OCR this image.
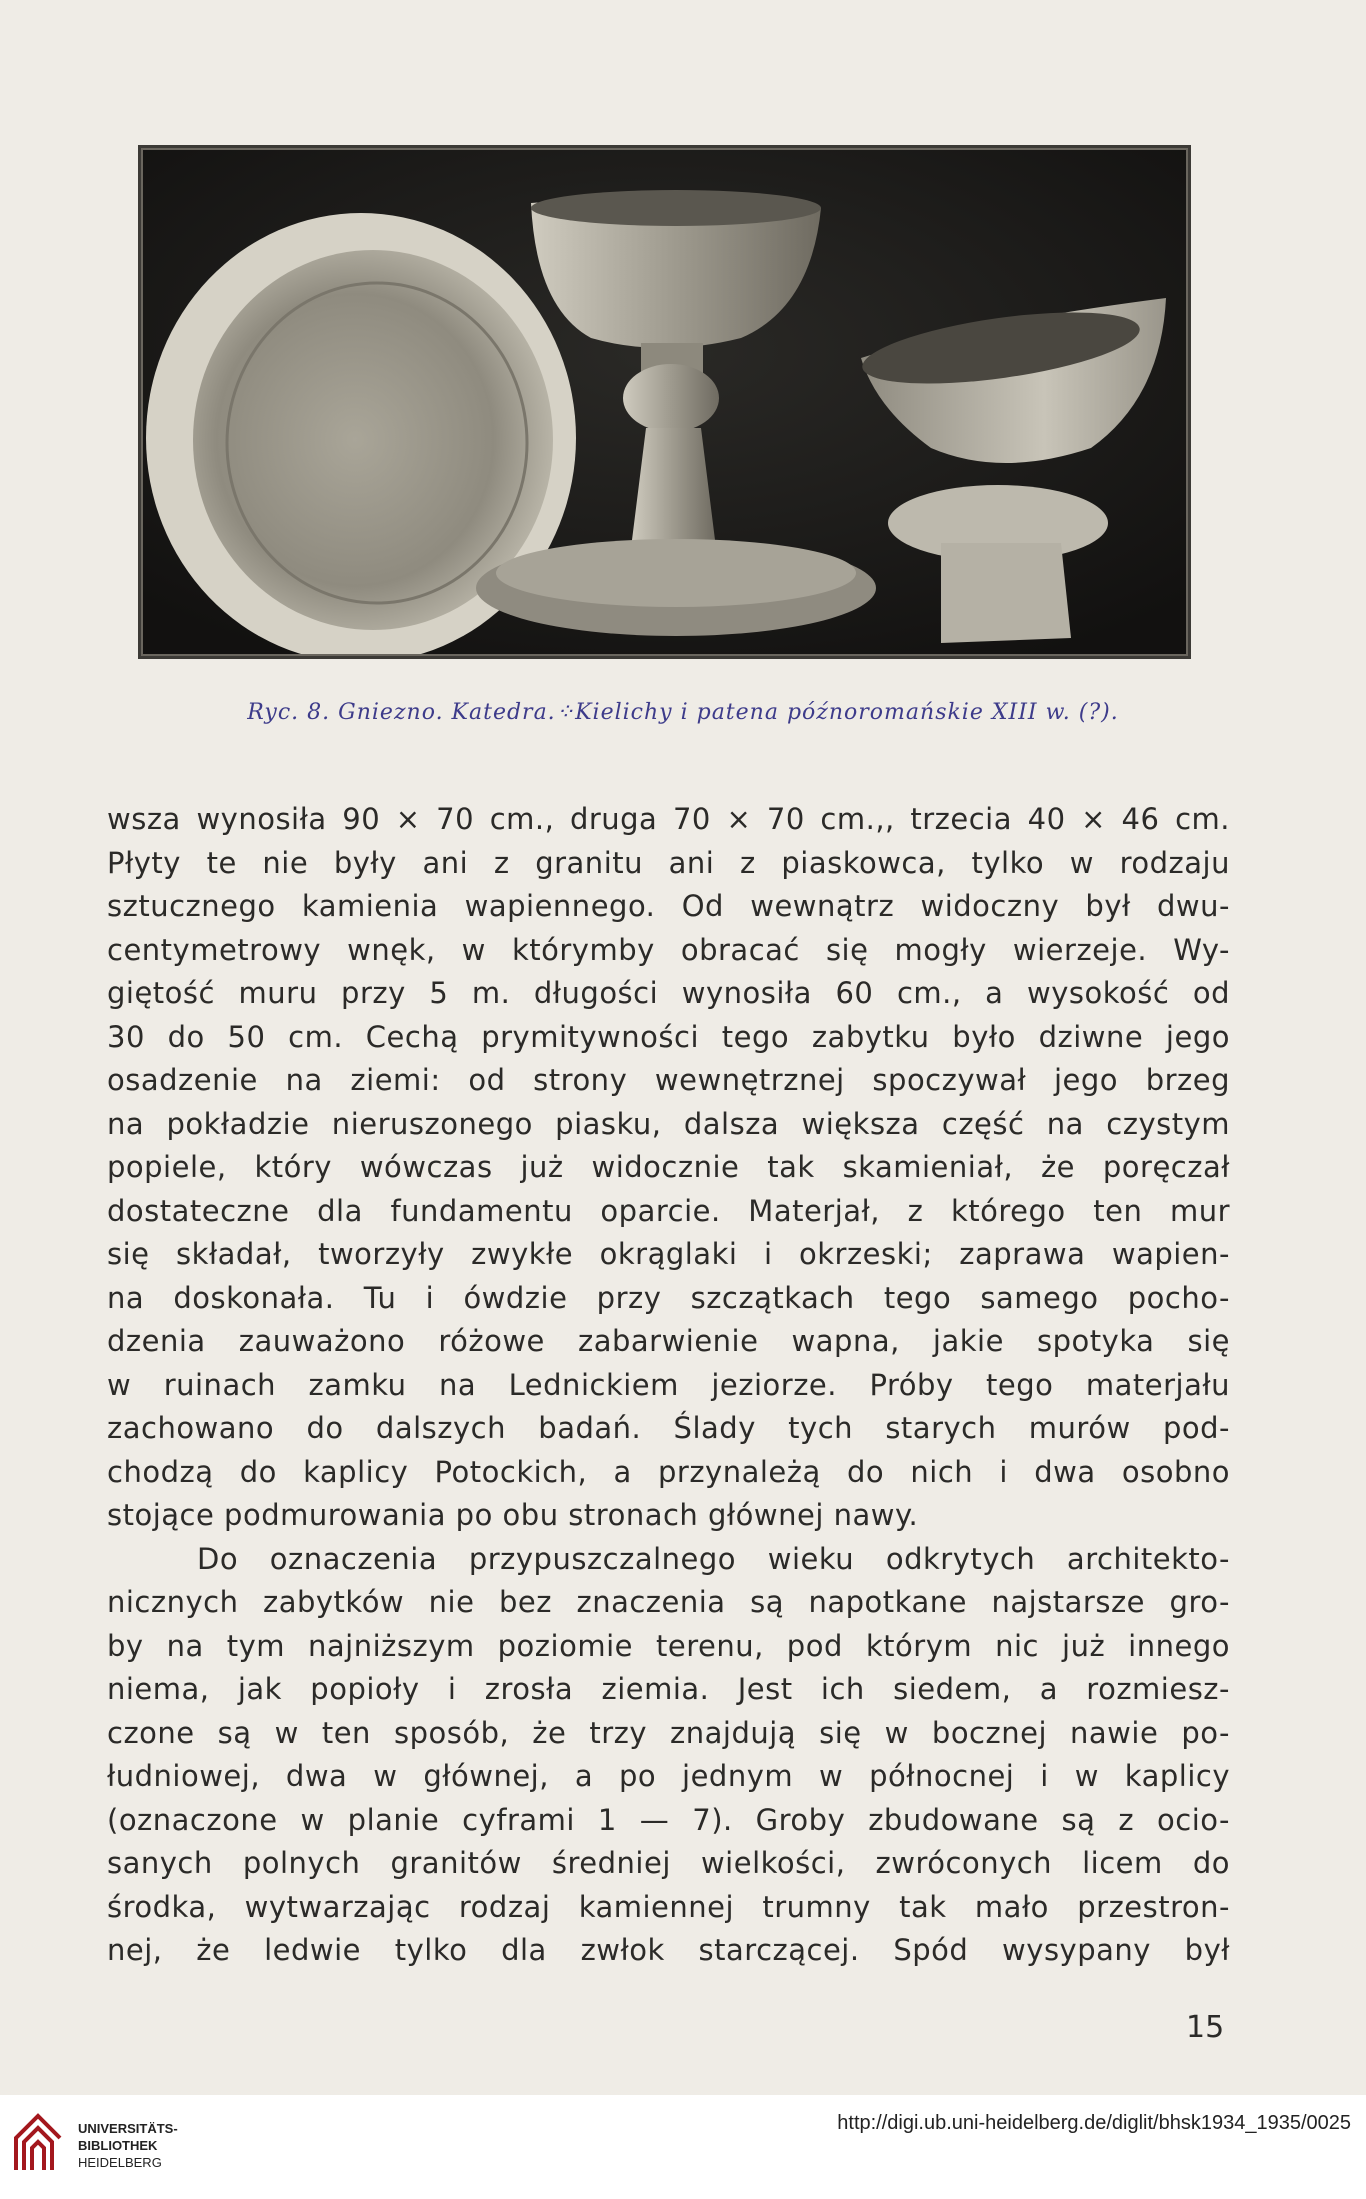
Ryc. 8. Gniezno. Katedra.⁘Kielichy i patena późnoromańskie XIII w. (?).
wsza wynosiła 90 × 70 cm., druga 70 × 70 cm.,, trzecia 40 × 46 cm.
Płyty te nie były ani z granitu ani z piaskowca, tylko w rodzaju
sztucznego kamienia wapiennego. Od wewnątrz widoczny był dwu-
centymetrowy wnęk, w którymby obracać się mogły wierzeje. Wy-
giętość muru przy 5 m. długości wynosiła 60 cm., a wysokość od
30 do 50 cm. Cechą prymitywności tego zabytku było dziwne jego
osadzenie na ziemi: od strony wewnętrznej spoczywał jego brzeg
na pokładzie nieruszonego piasku, dalsza większa część na czystym
popiele, który wówczas już widocznie tak skamieniał, że poręczał
dostateczne dla fundamentu oparcie. Materjał, z którego ten mur
się składał, tworzyły zwykłe okrąglaki i okrzeski; zaprawa wapien-
na doskonała. Tu i ówdzie przy szczątkach tego samego pocho-
dzenia zauważono różowe zabarwienie wapna, jakie spotyka się
w ruinach zamku na Lednickiem jeziorze. Próby tego materjału
zachowano do dalszych badań. Ślady tych starych murów pod-
chodzą do kaplicy Potockich, a przynależą do nich i dwa osobno
stojące podmurowania po obu stronach głównej nawy.
Do oznaczenia przypuszczalnego wieku odkrytych architekto-
nicznych zabytków nie bez znaczenia są napotkane najstarsze gro-
by na tym najniższym poziomie terenu, pod którym nic już innego
niema, jak popioły i zrosła ziemia. Jest ich siedem, a rozmiesz-
czone są w ten sposób, że trzy znajdują się w bocznej nawie po-
łudniowej, dwa w głównej, a po jednym w północnej i w kaplicy
(oznaczone w planie cyframi 1 — 7). Groby zbudowane są z ocio-
sanych polnych granitów średniej wielkości, zwróconych licem do
środka, wytwarzając rodzaj kamiennej trumny tak mało przestron-
nej, że ledwie tylko dla zwłok starczącej. Spód wysypany był
15
UNIVERSITÄTS-
BIBLIOTHEK
HEIDELBERG
http://digi.ub.uni-heidelberg.de/diglit/bhsk1934_1935/0025
